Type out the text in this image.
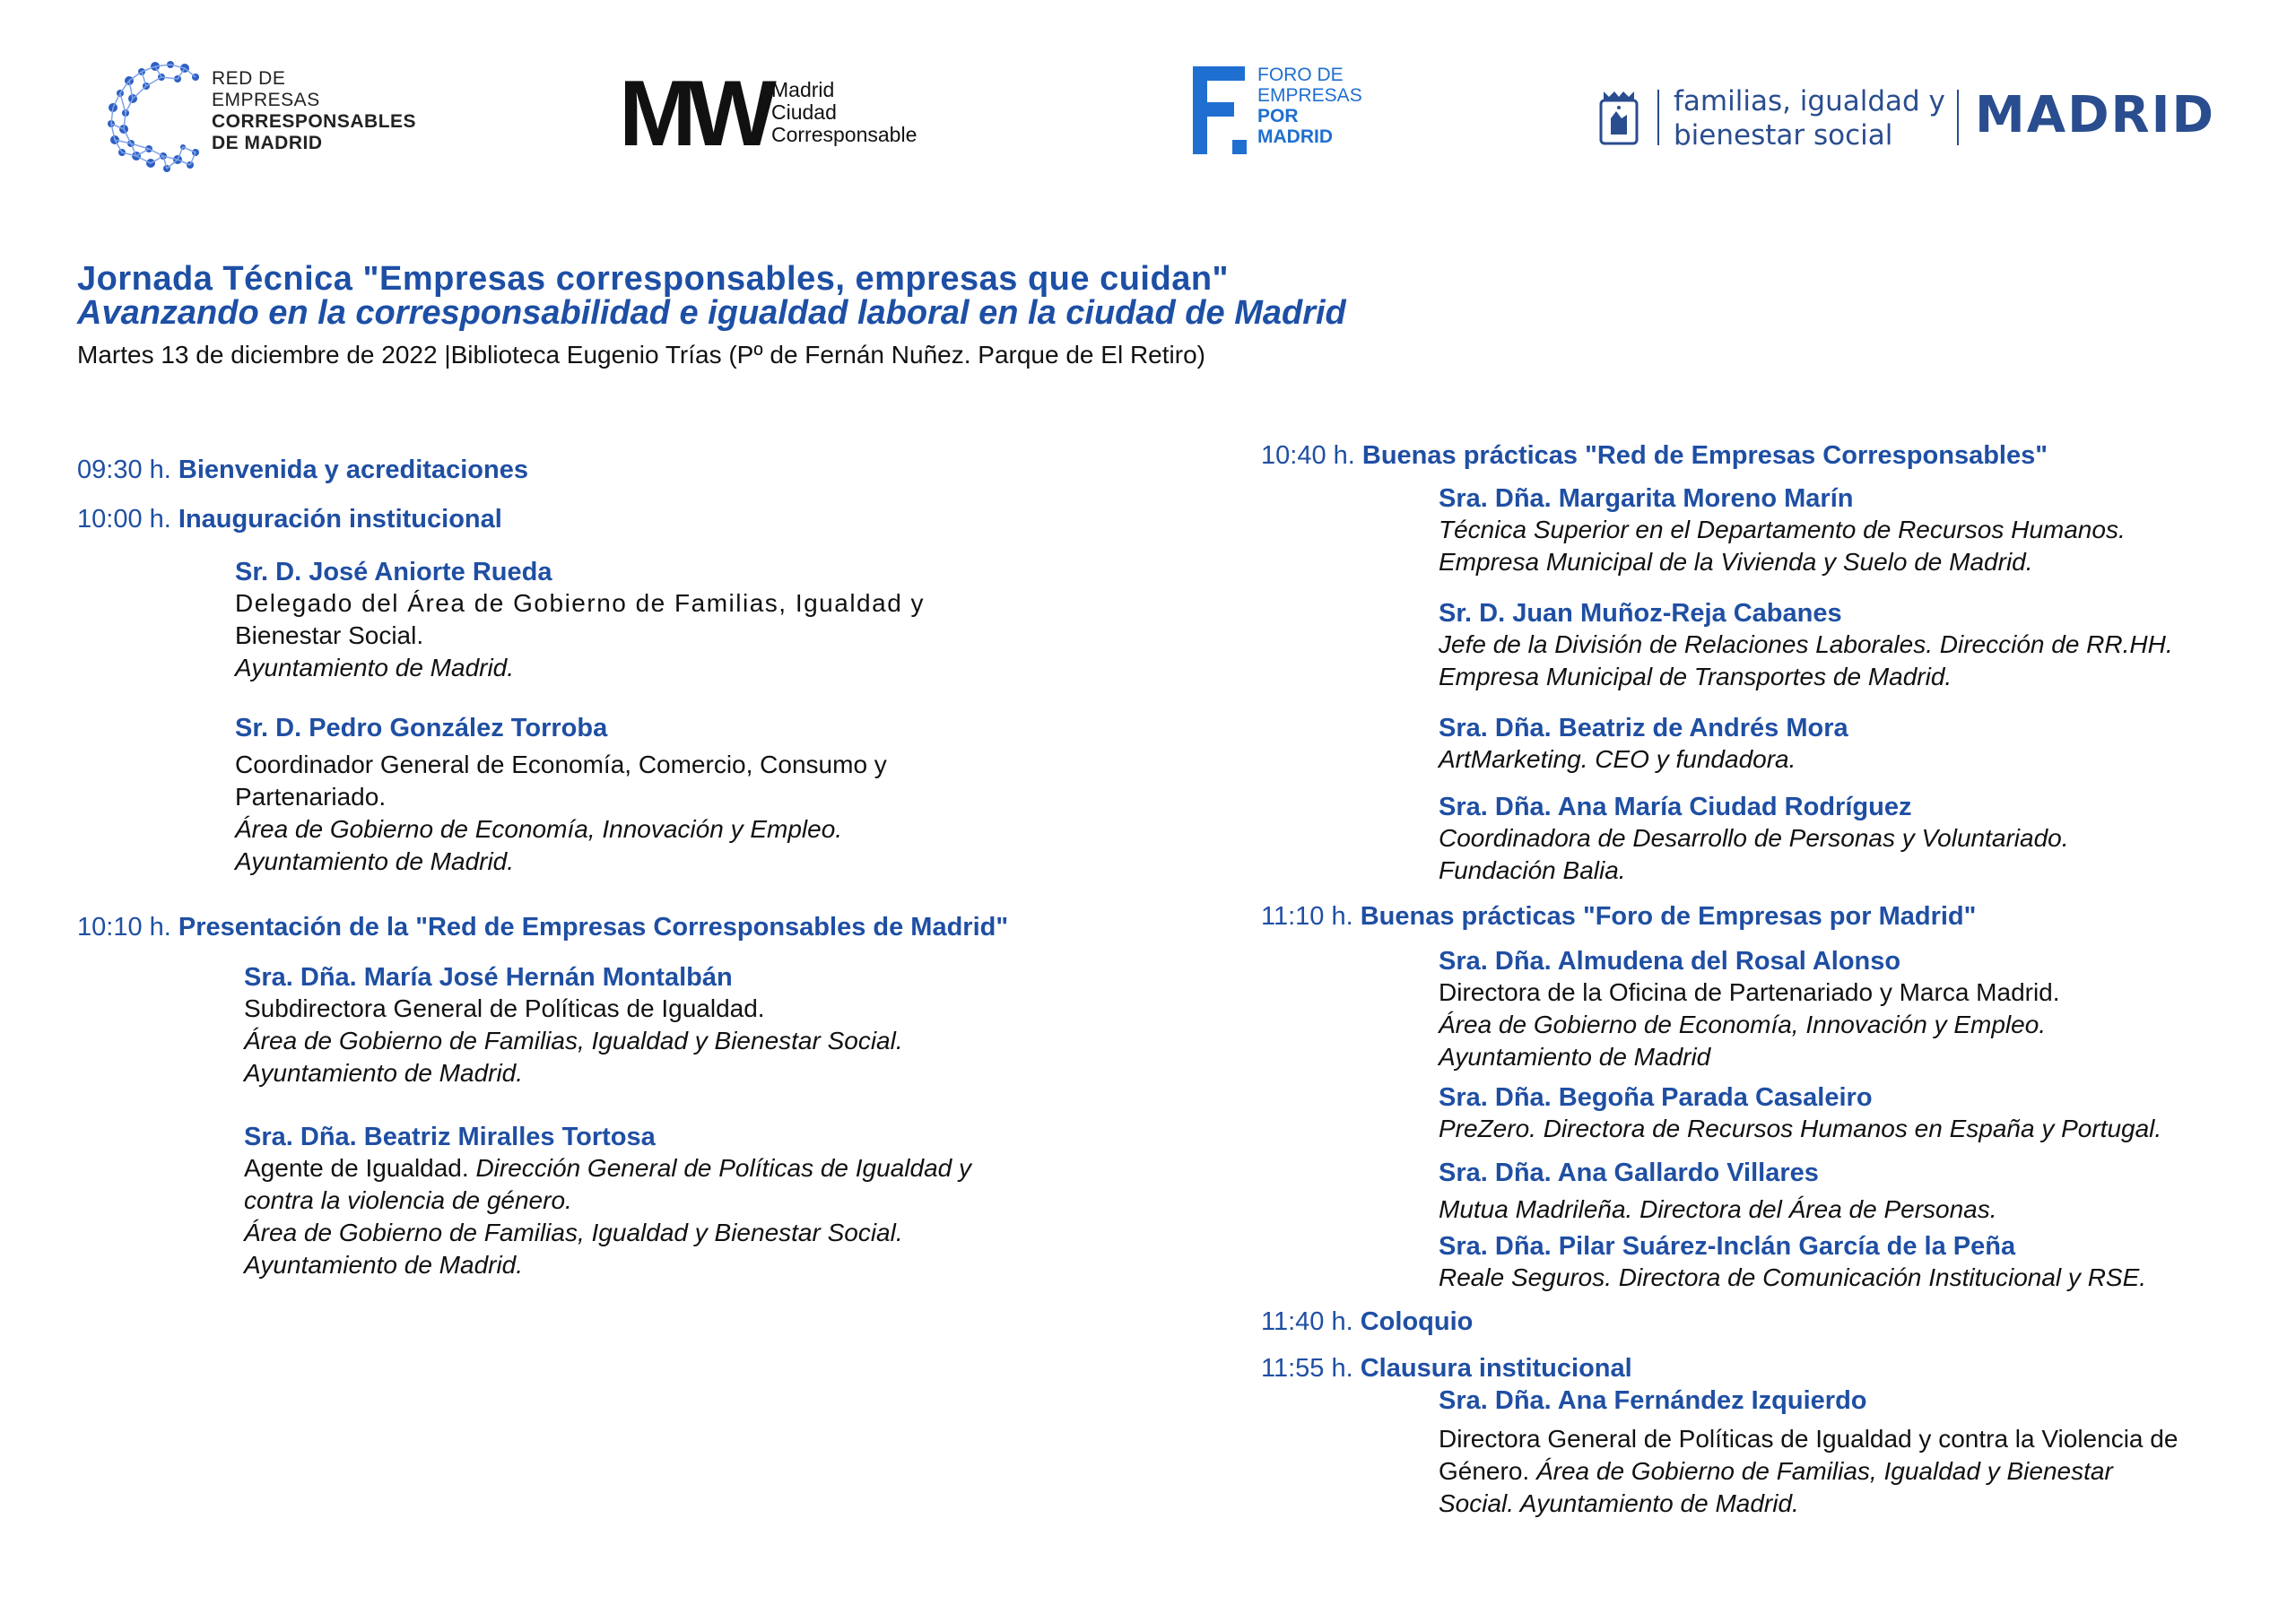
RED DE
EMPRESAS
CORRESPONSABLES
DE MADRID	MW Madrid
Ciudad
Corresponsable
FORO DE
EMPRESAS
POR
MADRID
familias, igualdad y
bienestar social	MADRID
Jornada Técnica "Empresas corresponsables, empresas que cuidan"
Avanzando en la corresponsabilidad e igualdad laboral en la ciudad de Madrid
Martes 13 de diciembre de 2022 |Biblioteca Eugenio Trías (Pº de Fernán Nuñez. Parque de El Retiro)
09:30 h. Bienvenida y acreditaciones
10:00 h. Inauguración institucional
Sr. D. José Aniorte Rueda
Delegado del Área de Gobierno de Familias, Igualdad y
Bienestar Social.
Ayuntamiento de Madrid.
Sr. D. Pedro González Torroba
Coordinador General de Economía, Comercio, Consumo y
Partenariado.
Área de Gobierno de Economía, Innovación y Empleo.
Ayuntamiento de Madrid.
10:10 h. Presentación de la "Red de Empresas Corresponsables de Madrid"
Sra. Dña. María José Hernán Montalbán
Subdirectora General de Políticas de Igualdad.
Área de Gobierno de Familias, Igualdad y Bienestar Social.
Ayuntamiento de Madrid.
Sra. Dña. Beatriz Miralles Tortosa
Agente de Igualdad. Dirección General de Políticas de Igualdad y
contra la violencia de género.
Área de Gobierno de Familias, Igualdad y Bienestar Social.
Ayuntamiento de Madrid.
10:40 h. Buenas prácticas "Red de Empresas Corresponsables"
Sra. Dña. Margarita Moreno Marín
Técnica Superior en el Departamento de Recursos Humanos.
Empresa Municipal de la Vivienda y Suelo de Madrid.
Sr. D. Juan Muñoz-Reja Cabanes
Jefe de la División de Relaciones Laborales. Dirección de RR.HH.
Empresa Municipal de Transportes de Madrid.
Sra. Dña. Beatriz de Andrés Mora
ArtMarketing. CEO y fundadora.
Sra. Dña. Ana María Ciudad Rodríguez
Coordinadora de Desarrollo de Personas y Voluntariado.
Fundación Balia.
11:10 h. Buenas prácticas "Foro de Empresas por Madrid"
Sra. Dña. Almudena del Rosal Alonso
Directora de la Oficina de Partenariado y Marca Madrid.
Área de Gobierno de Economía, Innovación y Empleo.
Ayuntamiento de Madrid
Sra. Dña. Begoña Parada Casaleiro
PreZero. Directora de Recursos Humanos en España y Portugal.
Sra. Dña. Ana Gallardo Villares
Mutua Madrileña. Directora del Área de Personas.
Sra. Dña. Pilar Suárez-Inclán García de la Peña
Reale Seguros. Directora de Comunicación Institucional y RSE.
11:40 h. Coloquio
11:55 h. Clausura institucional
Sra. Dña. Ana Fernández Izquierdo
Directora General de Políticas de Igualdad y contra la Violencia de
Género. Área de Gobierno de Familias, Igualdad y Bienestar
Social. Ayuntamiento de Madrid.
